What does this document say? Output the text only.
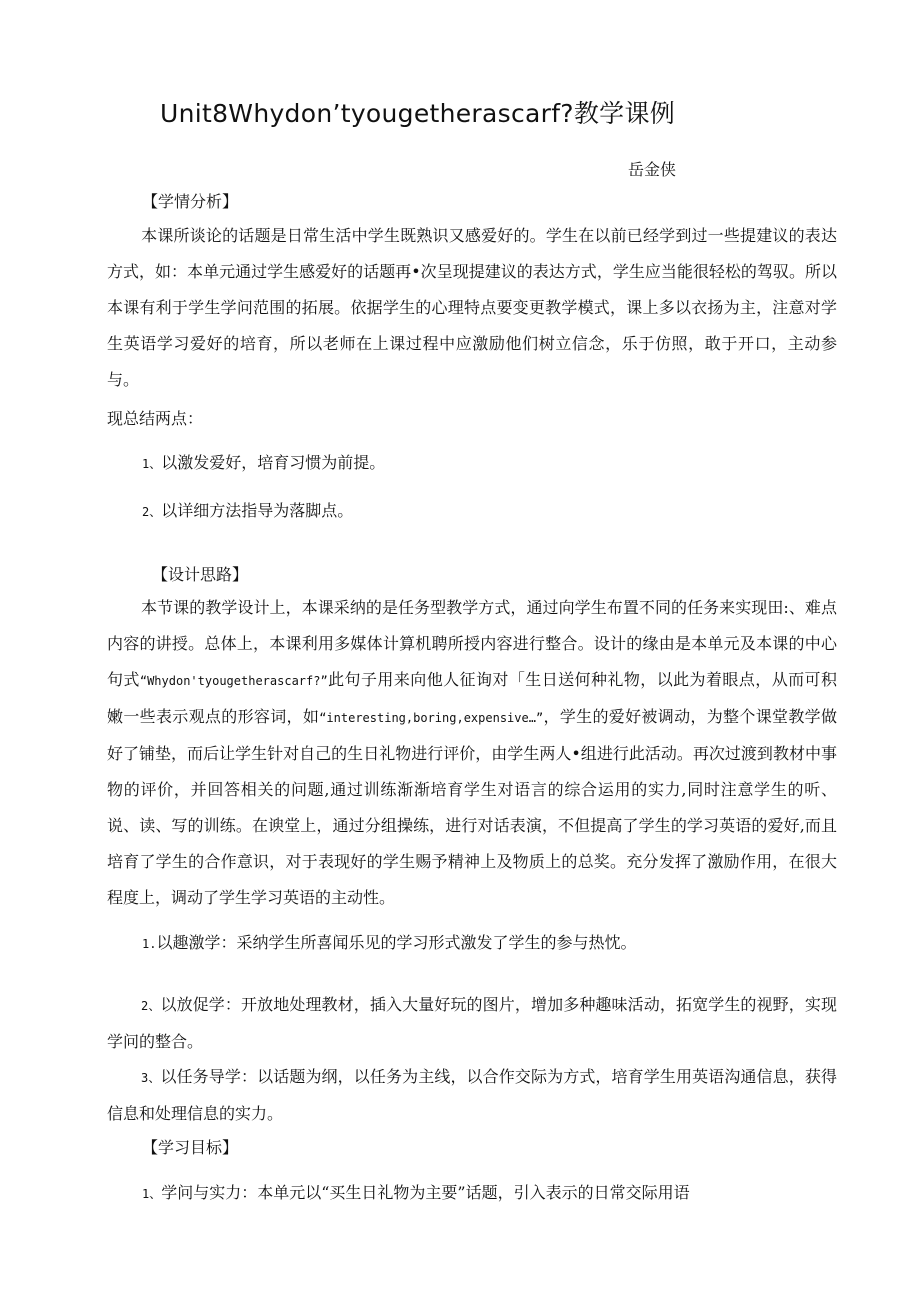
Unit8Whydon’tyougetherascarf?教学课例
岳金侠
【学情分析】
本课所谈论的话题是日常生活中学生既熟识又感爱好的。学生在以前已经学到过一些提建议的表达方式，如：本单元通过学生感爱好的话题再•次呈现提建议的表达方式，学生应当能很轻松的驾驭。所以本课有利于学生学问范围的拓展。依据学生的心理特点要变更教学模式，课上多以衣扬为主，注意对学生英语学习爱好的培育，所以老师在上课过程中应激励他们树立信念，乐于仿照，敢于开口，主动参与。
现总结两点：
1、以激发爱好，培育习惯为前提。
2、以详细方法指导为落脚点。
【设计思路】
本节课的教学设计上，本课采纳的是任务型教学方式，通过向学生布置不同的任务来实现田:、难点内容的讲授。总体上，本课利用多媒体计算机聘所授内容进行整合。设计的缘由是本单元及本课的中心句式“Whydon'tyougetherascarf?”此句子用来向他人征询对「生日送何种礼物，以此为着眼点，从而可积嫩一些表示观点的形容词，如“interesting,boring,expensive…”，学生的爱好被调动，为整个课堂教学做好了铺垫，而后让学生针对自己的生日礼物进行评价，由学生两人•组进行此活动。再次过渡到教材中事物的评价，并回答相关的问题,通过训练渐渐培育学生对语言的综合运用的实力,同时注意学生的听、说、读、写的训练。在谀堂上，通过分组操练，进行对话表演，不但提高了学生的学习英语的爱好,而且培育了学生的合作意识，对于表现好的学生赐予精神上及物质上的总奖。充分发挥了激励作用，在很大程度上，调动了学生学习英语的主动性。
1.以趣激学：采纳学生所喜闻乐见的学习形式激发了学生的参与热忱。
2、以放促学：开放地处理教材，插入大量好玩的图片，增加多种趣味活动，拓宽学生的视野，实现学问的整合。
3、以任务导学：以话题为纲，以任务为主线，以合作交际为方式，培育学生用英语沟通信息，获得信息和处理信息的实力。
【学习目标】
1、学问与实力：本单元以“买生日礼物为主要”话题，引入表示的日常交际用语
